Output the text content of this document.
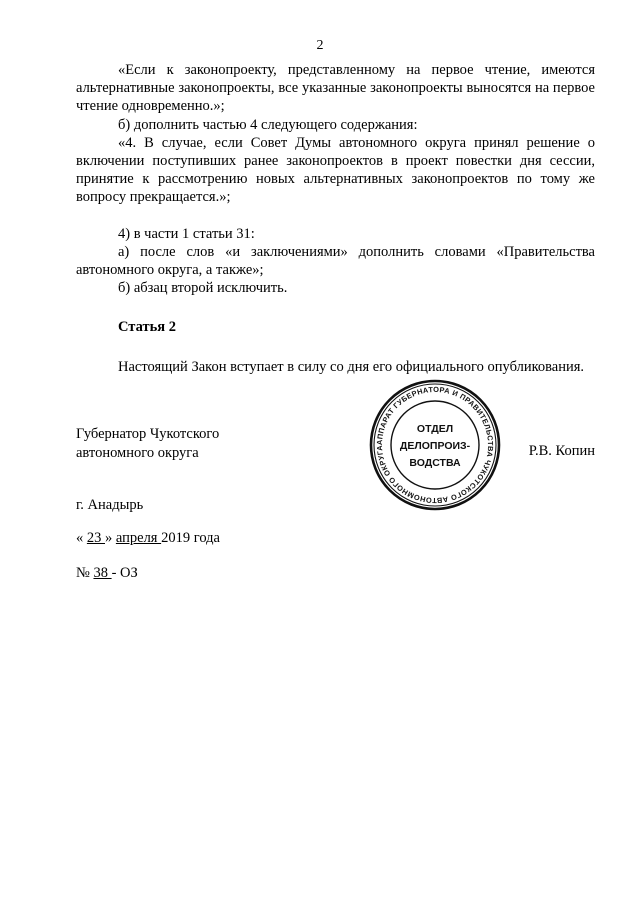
2

«Если к законопроекту, представленному на первое чтение, имеются альтернативные законопроекты, все указанные законопроекты выносятся на первое чтение одновременно.»;

б) дополнить частью 4 следующего содержания:

«4. В случае, если Совет Думы автономного округа принял решение о включении поступивших ранее законопроектов в проект повестки дня сессии, принятие к рассмотрению новых альтернативных законопроектов по тому же вопросу прекращается.»;

4) в части 1 статьи 31:

а) после слов «и заключениями» дополнить словами «Правительства автономного округа, а также»;

б) абзац второй исключить.

Статья 2

Настоящий Закон вступает в силу со дня его официального опубликования.

Губернатор Чукотского

автономного округа	Р.В. Копин
АППАРАТ ГУБЕРНАТОРА И ПРАВИТЕЛЬСТВА ЧУКОТСКОГО АВТОНОМНОГО ОКРУГА
ОТДЕЛ
ДЕЛОПРОИЗ-
ВОДСТВА
г. Анадырь
« 23 » апреля 2019 года
№ 38 - ОЗ
